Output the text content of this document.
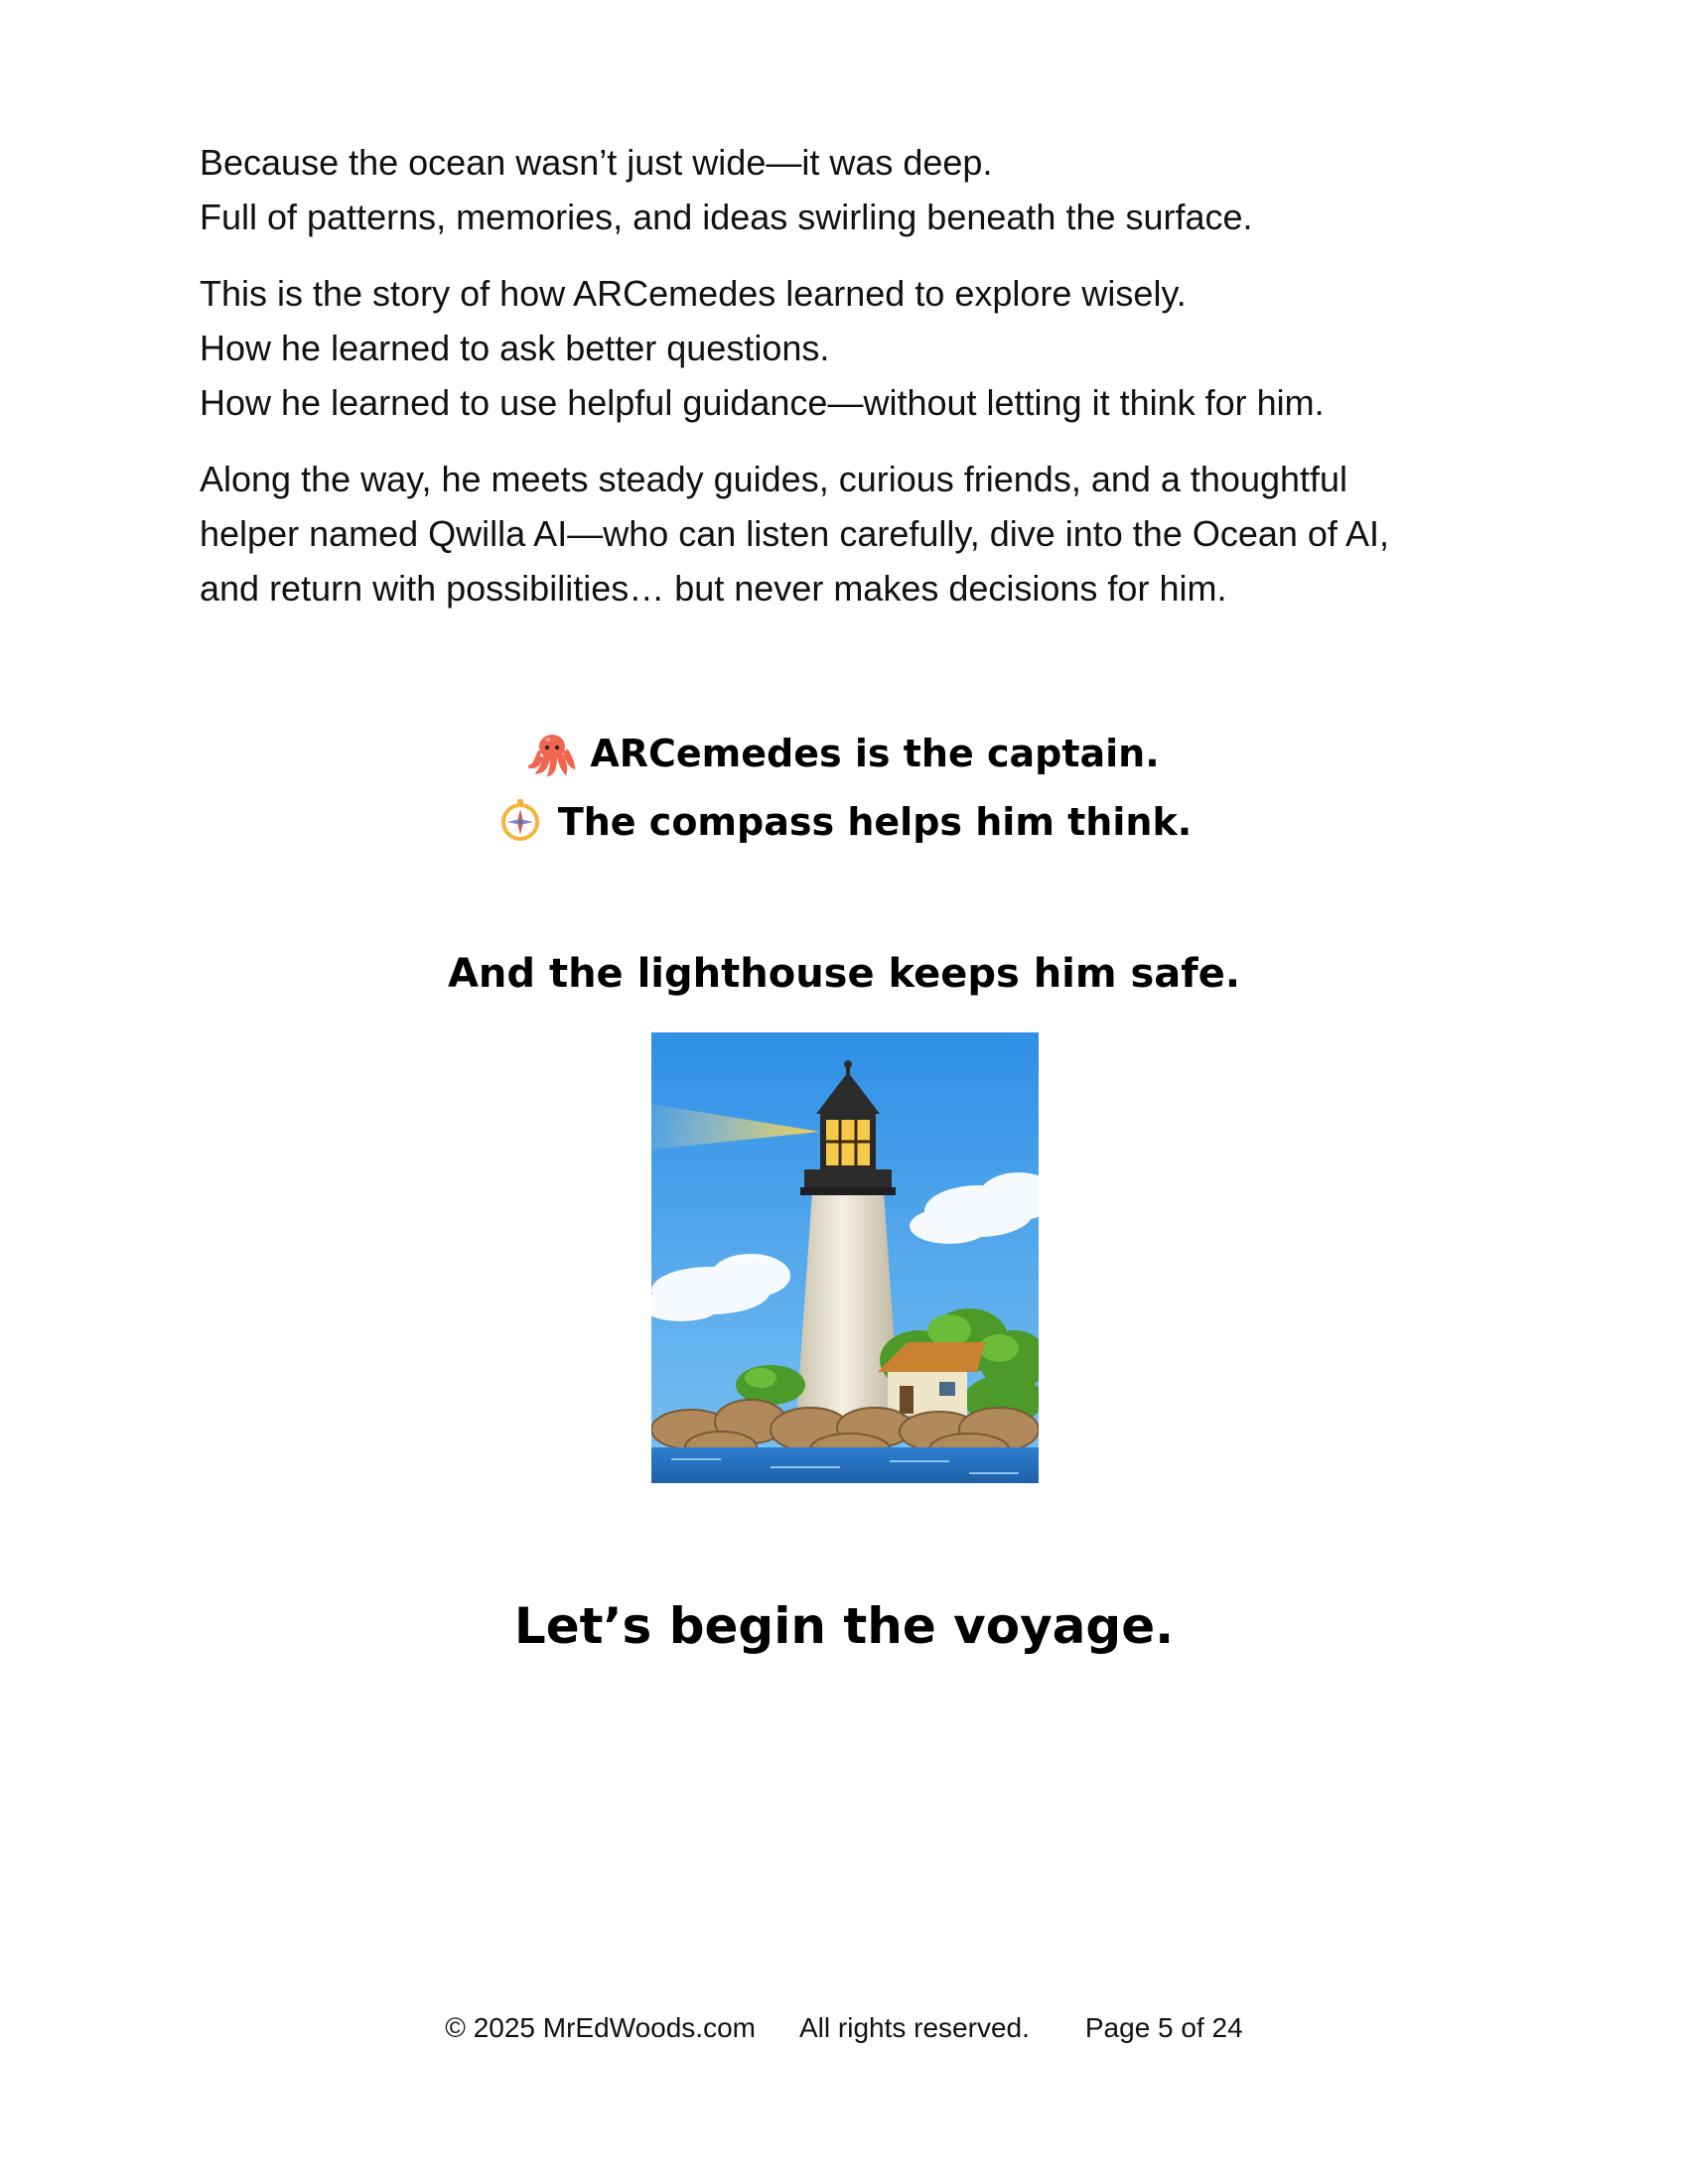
Because the ocean wasn’t just wide—it was deep.
Full of patterns, memories, and ideas swirling beneath the surface.

This is the story of how ARCemedes learned to explore wisely.
How he learned to ask better questions.
How he learned to use helpful guidance—without letting it think for him.

Along the way, he meets steady guides, curious friends, and a thoughtful
helper named Qwilla AI—who can listen carefully, dive into the Ocean of AI,
and return with possibilities… but never makes decisions for him.

ARCemedes is the captain.
The compass helps him think.
And the lighthouse keeps him safe.
Let’s begin the voyage.
© 2025 MrEdWoods.com All rights reserved. Page 5 of 24
